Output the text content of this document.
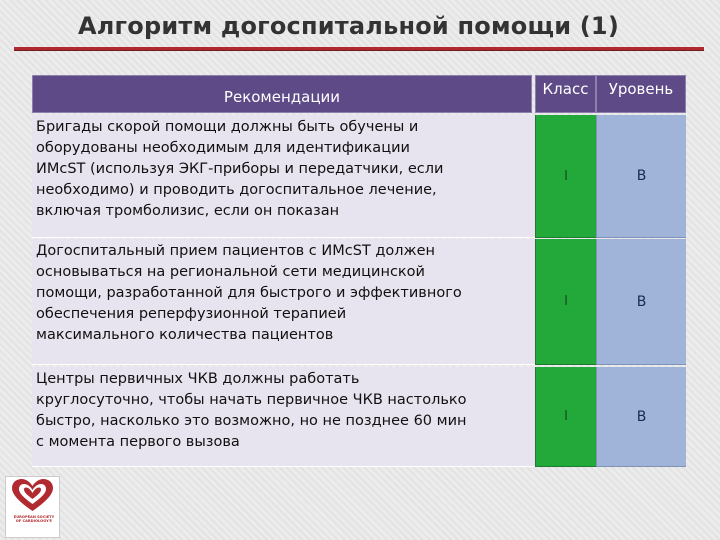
Алгоритм догоспитальной помощи (1)
Рекомендации	Класс	Уровень
Бригады скорой помощи должны быть обучены и
оборудованы необходимым для идентификации
ИМсST (используя ЭКГ-приборы и передатчики, если
необходимо) и проводить догоспитальное лечение,
включая тромболизис, если он показан
I	B
Догоспитальный прием пациентов с ИМсST должен
основываться на региональной сети медицинской
помощи, разработанной для быстрого и эффективного
обеспечения реперфузионной терапией
максимального количества пациентов
I	B
Центры первичных ЧКВ должны работать
круглосуточно, чтобы начать первичное ЧКВ настолько
быстро, насколько это возможно, но не позднее 60 мин
с момента первого вызова
I	B
EUROPEAN SOCIETY OF CARDIOLOGY®
